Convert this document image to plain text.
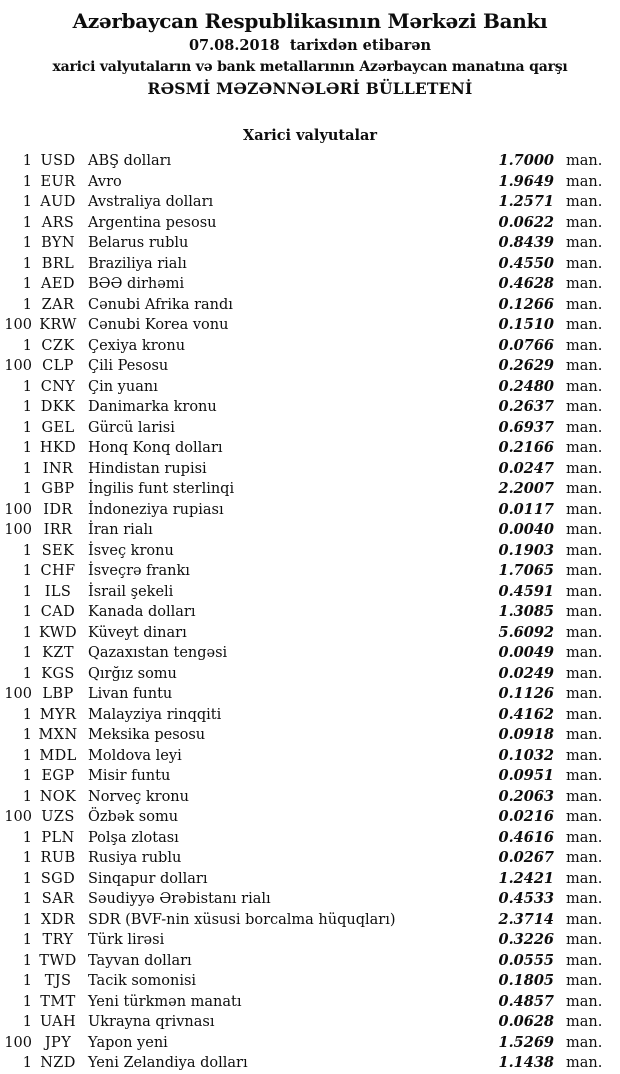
Azərbaycan Respublikasının Mərkəzi Bankı
07.08.2018  tarixdən etibarən
xarici valyutaların və bank metallarının Azərbaycan manatına qarşı
RƏSMİ MƏZƏNNƏLƏRİ BÜLLETENİ
Xarici valyutalar
1 USD ABŞ dolları	1.7000 man.
1 EUR Avro	1.9649 man.
1 AUD Avstraliya dolları	1.2571 man.
1 ARS Argentina pesosu	0.0622 man.
1 BYN Belarus rublu	0.8439 man.
1 BRL Braziliya rialı	0.4550 man.
1 AED BƏƏ dirhəmi	0.4628 man.
1 ZAR Cənubi Afrika randı	0.1266 man.
100 KRW Cənubi Korea vonu	0.1510 man.
1 CZK Çexiya kronu	0.0766 man.
100 CLP Çili Pesosu	0.2629 man.
1 CNY Çin yuanı	0.2480 man.
1 DKK Danimarka kronu	0.2637 man.
1 GEL Gürcü larisi	0.6937 man.
1 HKD Honq Konq dolları	0.2166 man.
1 INR	Hindistan rupisi	0.0247 man.
1 GBP İngilis funt sterlinqi	2.2007 man.
100 IDR	İndoneziya rupiası	0.0117 man.
100 IRR	İran rialı	0.0040 man.
1 SEK İsveç kronu	0.1903 man.
1 CHF İsveçrə frankı	1.7065 man.
1 ILS	İsrail şekeli	0.4591 man.
1 CAD Kanada dolları	1.3085 man.
1 KWD Küveyt dinarı	5.6092 man.
1 KZT Qazaxıstan tengəsi	0.0049 man.
1 KGS Qırğız somu	0.0249 man.
100 LBP Livan funtu	0.1126 man.
1 MYR Malayziya rinqqiti	0.4162 man.
1 MXN Meksika pesosu	0.0918 man.
1 MDL Moldova leyi	0.1032 man.
1 EGP Misir funtu	0.0951 man.
1 NOK Norveç kronu	0.2063 man.
100 UZS Özbək somu	0.0216 man.
1 PLN Polşa zlotası	0.4616 man.
1 RUB Rusiya rublu	0.0267 man.
1 SGD Sinqapur dolları	1.2421 man.
1 SAR Səudiyyə Ərəbistanı rialı	0.4533 man.
1 XDR SDR (BVF-nin xüsusi borcalma hüquqları)	2.3714 man.
1 TRY	Türk lirəsi	0.3226 man.
1 TWD Tayvan dolları	0.0555 man.
1 TJS	Tacik somonisi	0.1805 man.
1 TMT Yeni türkmən manatı	0.4857 man.
1 UAH Ukrayna qrivnası	0.0628 man.
100 JPY	Yapon yeni	1.5269 man.
1 NZD Yeni Zelandiya dolları	1.1438 man.
